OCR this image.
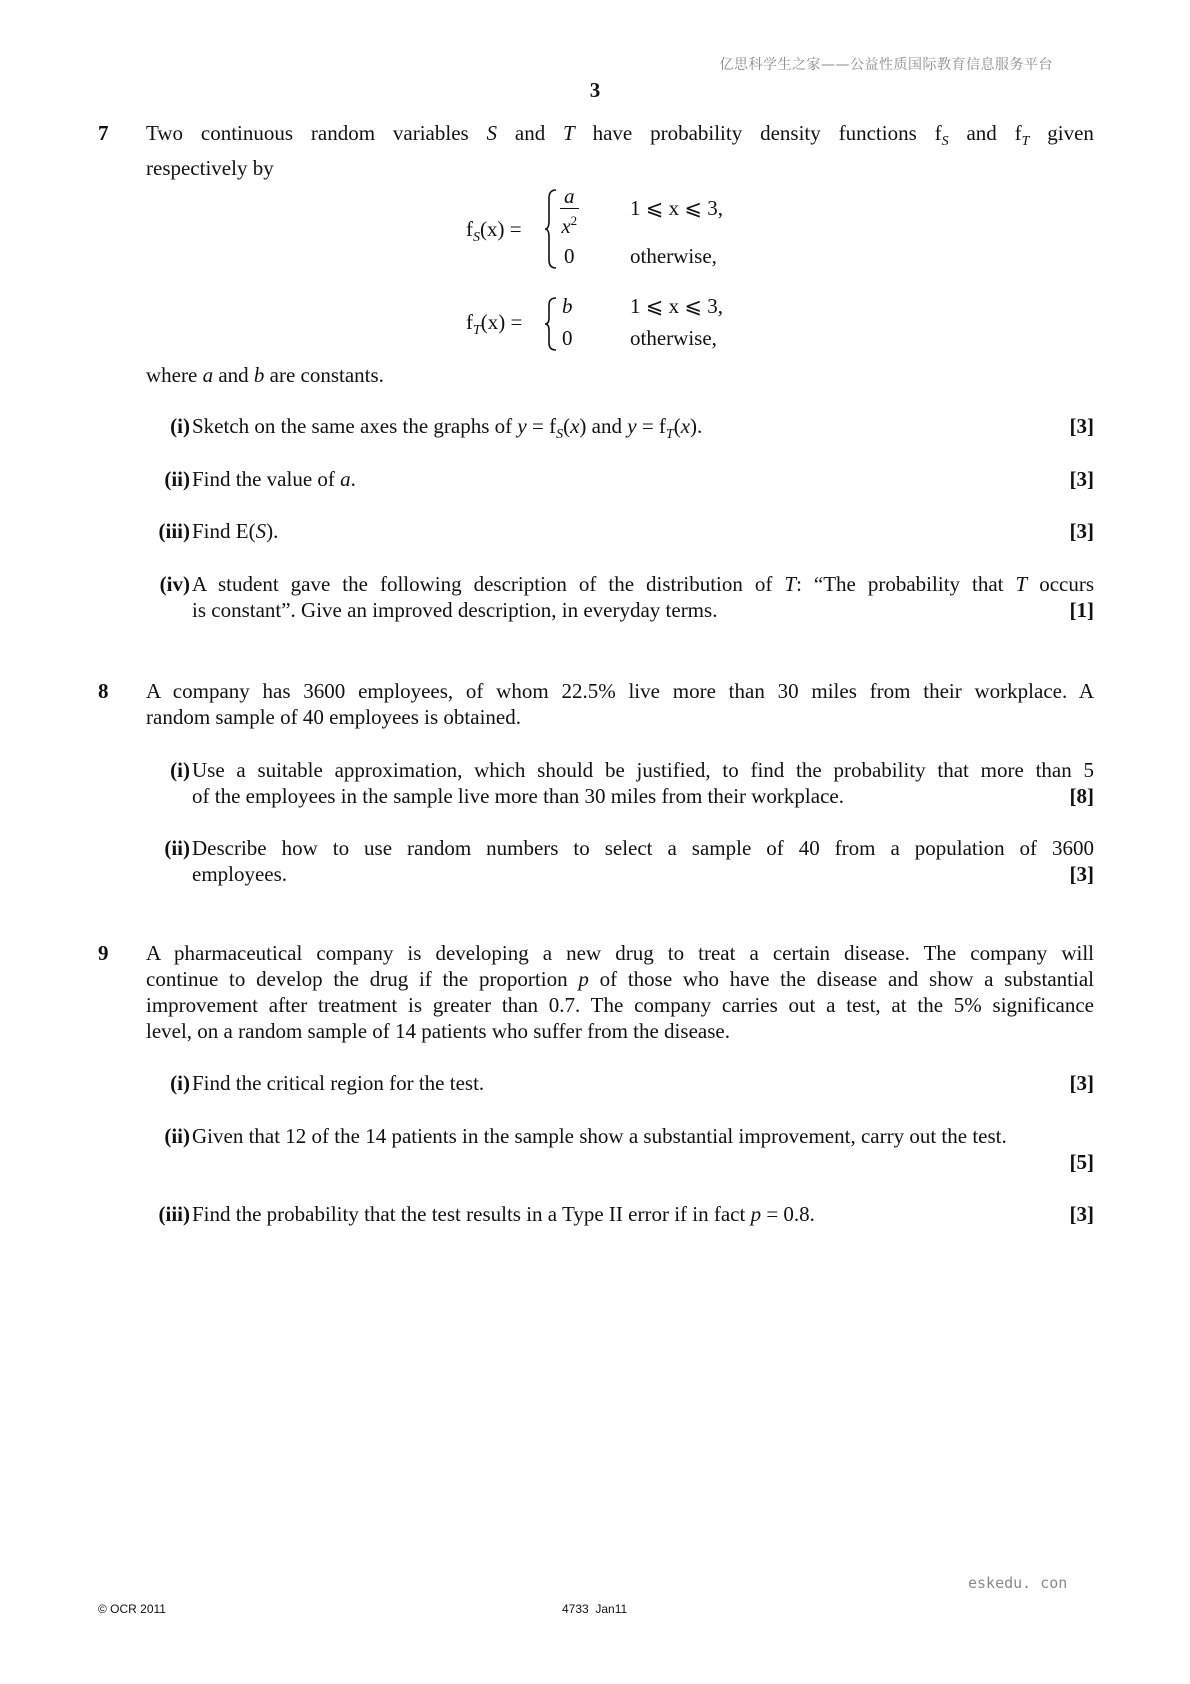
亿思科学生之家——公益性质国际教育信息服务平台
3
7 Two continuous random variables S and T have probability density functions $f_S$ and $f_T$ given
respectively by
$f_S(x) = \frac{a}{x^2} 1$ ⩽ x ⩽ 3,
0	otherwise,
$f_T(x)$ =
b	1 ⩽ x ⩽ 3,
0	otherwise,
where a and b are constants.
(i) Sketch on the same axes the graphs of $y = f_S(x)$ and $y = f_T(x)$.	[3]
(ii) Find the value of a.	[3]
(iii) Find E(S).	[3]
(iv) A student gave the following description of the distribution of T: “The probability that T occurs
is constant”. Give an improved description, in everyday terms.	[1]
8 A company has 3600 employees, of whom 22.5% live more than 30 miles from their workplace. A
random sample of 40 employees is obtained.
(i) Use a suitable approximation, which should be justified, to find the probability that more than 5
of the employees in the sample live more than 30 miles from their workplace.	[8]
(ii) Describe how to use random numbers to select a sample of 40 from a population of 3600
employees.	[3]
9 A pharmaceutical company is developing a new drug to treat a certain disease. The company will
continue to develop the drug if the proportion p of those who have the disease and show a substantial
improvement after treatment is greater than 0.7. The company carries out a test, at the 5% significance
level, on a random sample of 14 patients who suffer from the disease.
(i) Find the critical region for the test.	[3]
(ii) Given that 12 of the 14 patients in the sample show a substantial improvement, carry out the test.
[5]
(iii) Find the probability that the test results in a Type II error if in fact p = 0.8.	[3]
eskedu. con
© OCR 2011	4733  Jan11
